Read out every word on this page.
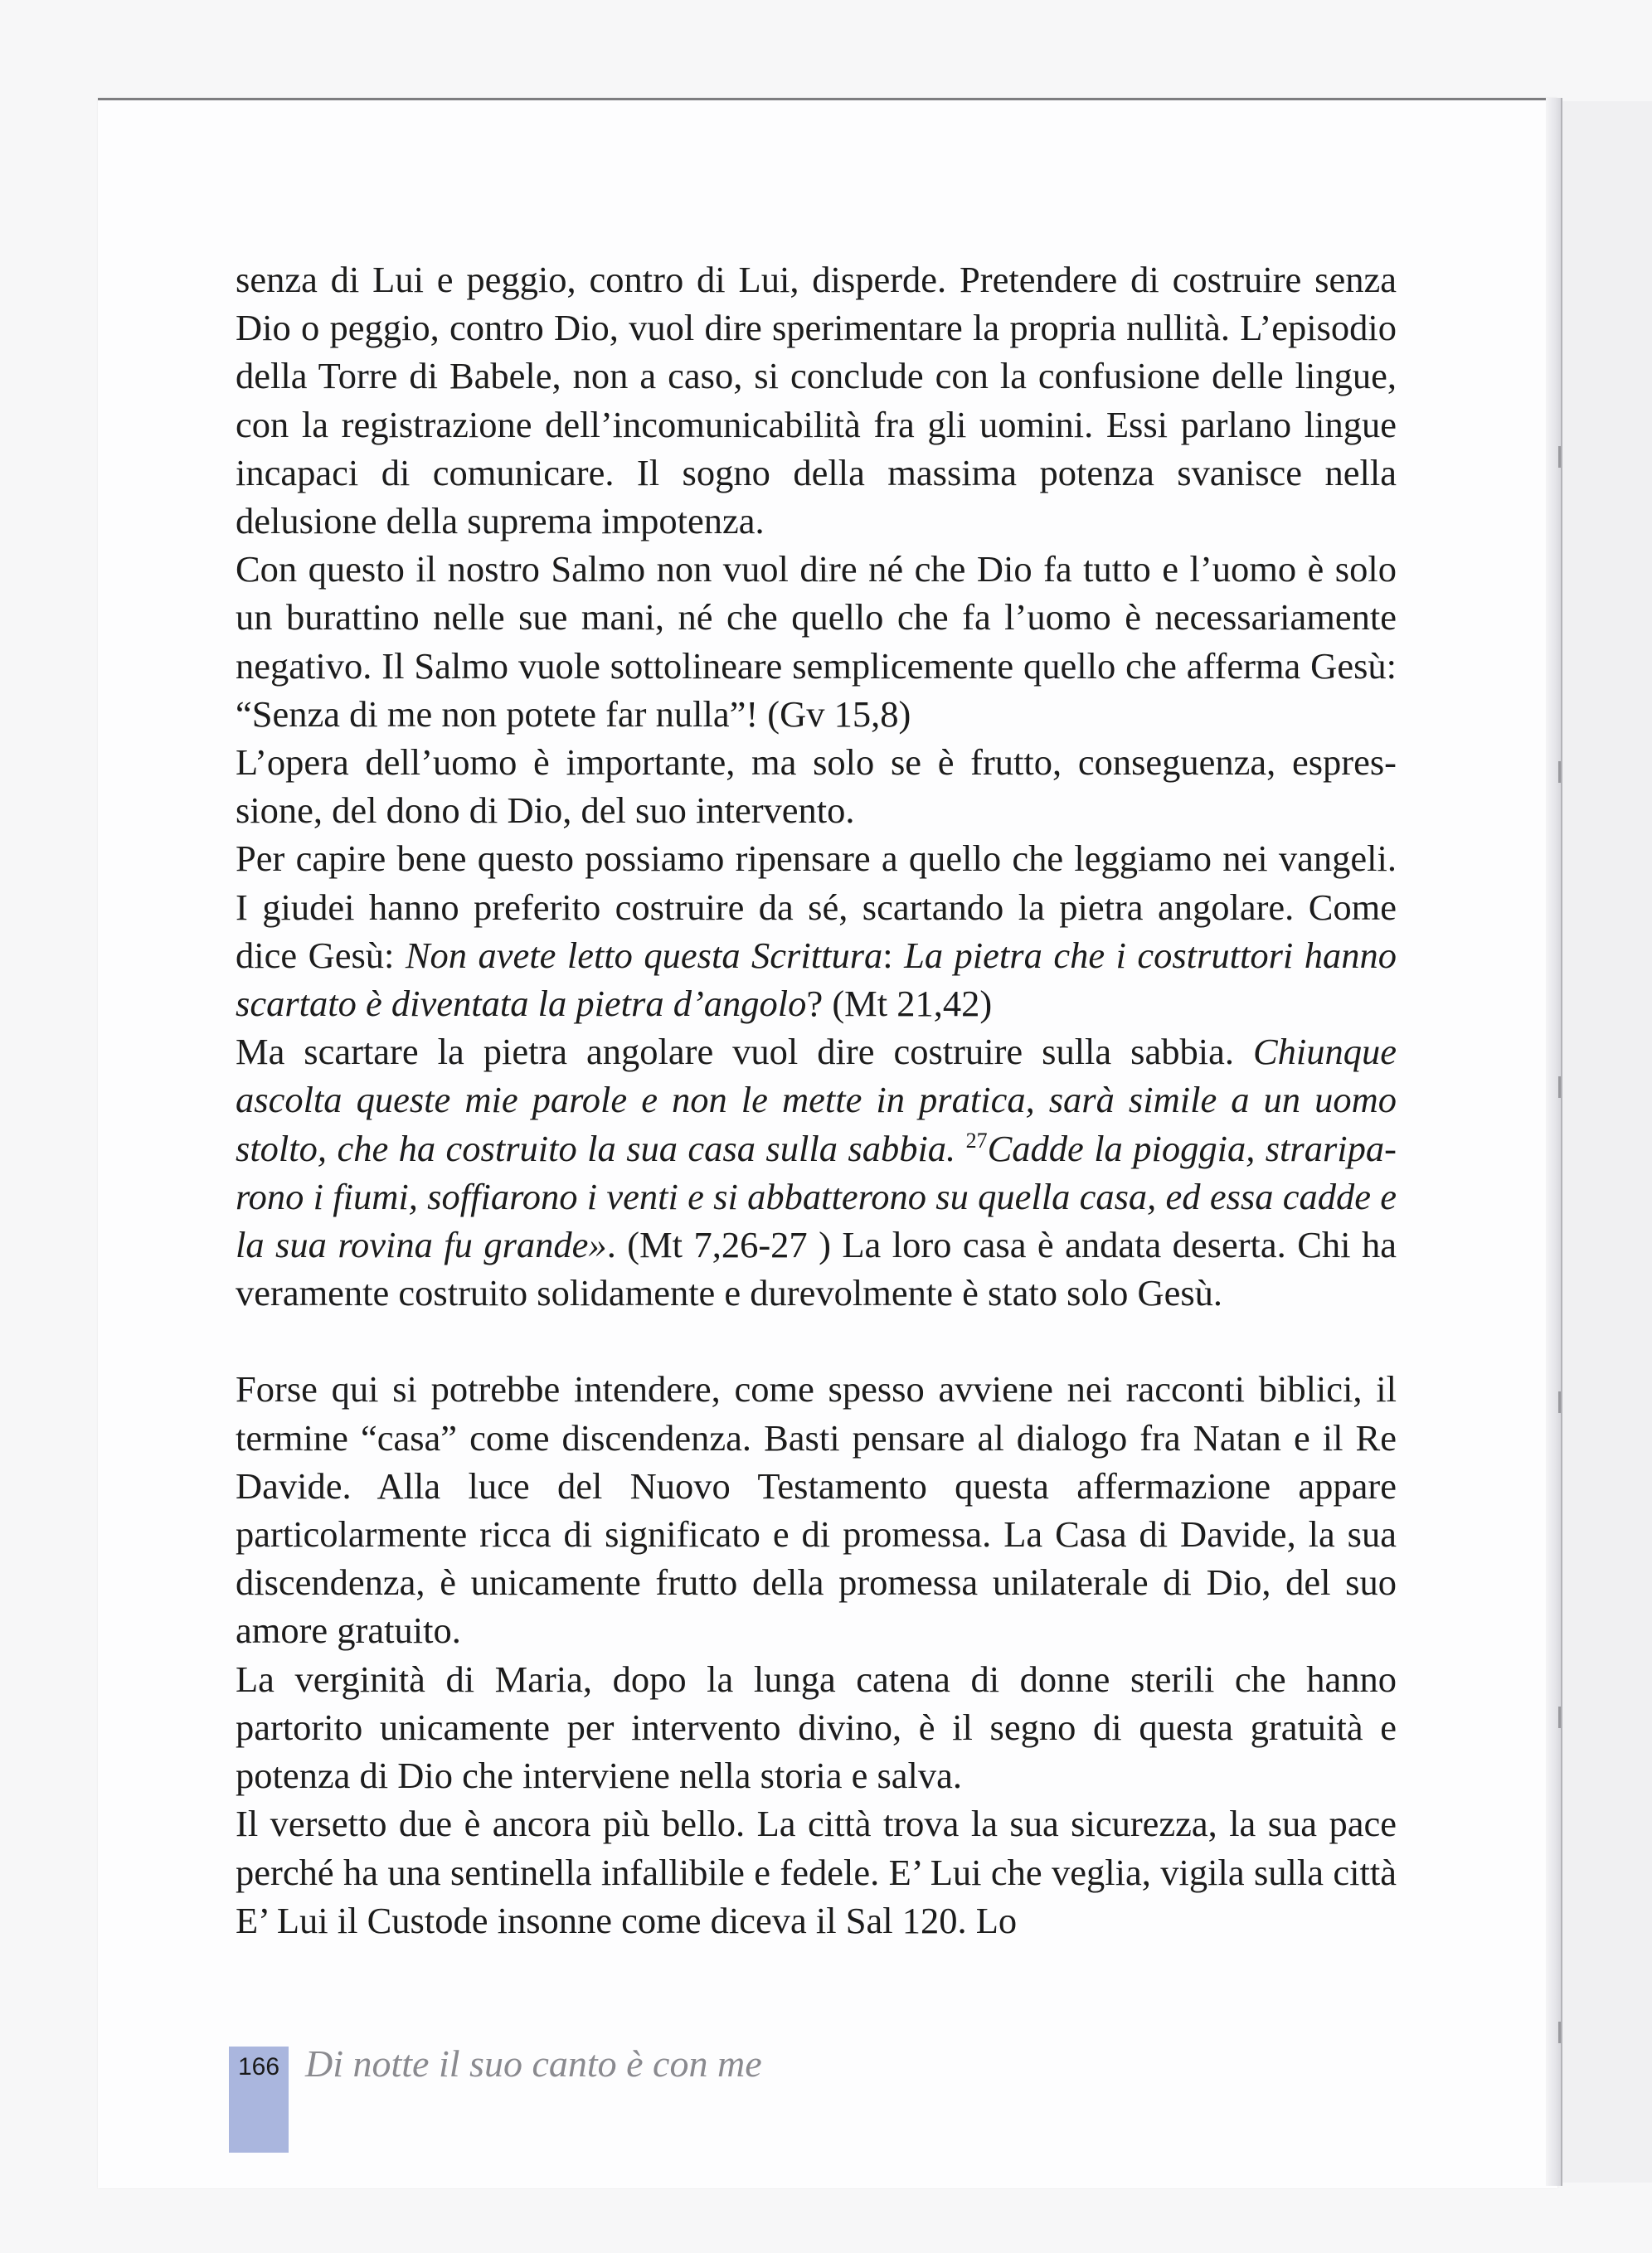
senza di Lui e peggio, contro di Lui, disperde. Pretendere di costruire senza Dio o peggio, contro Dio, vuol dire sperimentare la propria nullità. L’episodio della Torre di Babele, non a caso, si conclude con la confusione delle lingue, con la registrazione dell’incomunicabilità fra gli uomini. Essi parlano lingue incapaci di comunicare. Il sogno della massima potenza svanisce nella delusione della suprema impotenza.

Con questo il nostro Salmo non vuol dire né che Dio fa tutto e l’uomo è solo un burattino nelle sue mani, né che quello che fa l’uomo è necessariamente negativo. Il Salmo vuole sottolineare semplicemente quello che afferma Gesù: “Senza di me non potete far nulla”! (Gv 15,8)

L’opera dell’uomo è importante, ma solo se è frutto, conseguenza, espressione, del dono di Dio, del suo intervento.

Per capire bene questo possiamo ripensare a quello che leggiamo nei vangeli. I giudei hanno preferito costruire da sé, scartando la pietra angolare. Come dice Gesù: Non avete letto questa Scrittura: La pietra che i costruttori hanno scartato è diventata la pietra d’angolo? (Mt 21,42)

Ma scartare la pietra angolare vuol dire costruire sulla sabbia. Chiunque ascolta queste mie parole e non le mette in pratica, sarà simile a un uomo stolto, che ha costruito la sua casa sulla sabbia. $^{27}$Cadde la pioggia, strariparono i fiumi, soffiarono i venti e si abbatterono su quella casa, ed essa cadde e la sua rovina fu grande». (Mt 7,26-27 ) La loro casa è andata deserta. Chi ha veramente costruito solidamente e durevolmente è stato solo Gesù.

Forse qui si potrebbe intendere, come spesso avviene nei racconti biblici, il termine “casa” come discendenza. Basti pensare al dialogo fra Natan e il Re Davide. Alla luce del Nuovo Testamento questa affermazione appare particolarmente ricca di significato e di promessa. La Casa di Davide, la sua discendenza, è unicamente frutto della promessa unilaterale di Dio, del suo amore gratuito.

La verginità di Maria, dopo la lunga catena di donne sterili che hanno partorito unicamente per intervento divino, è il segno di questa gratuità e potenza di Dio che interviene nella storia e salva.

Il versetto due è ancora più bello. La città trova la sua sicurezza, la sua pace perché ha una sentinella infallibile e fedele. E’ Lui che veglia, vigila sulla città E’ Lui il Custode insonne come diceva il Sal 120. Lo

166 Di notte il suo canto è con me
